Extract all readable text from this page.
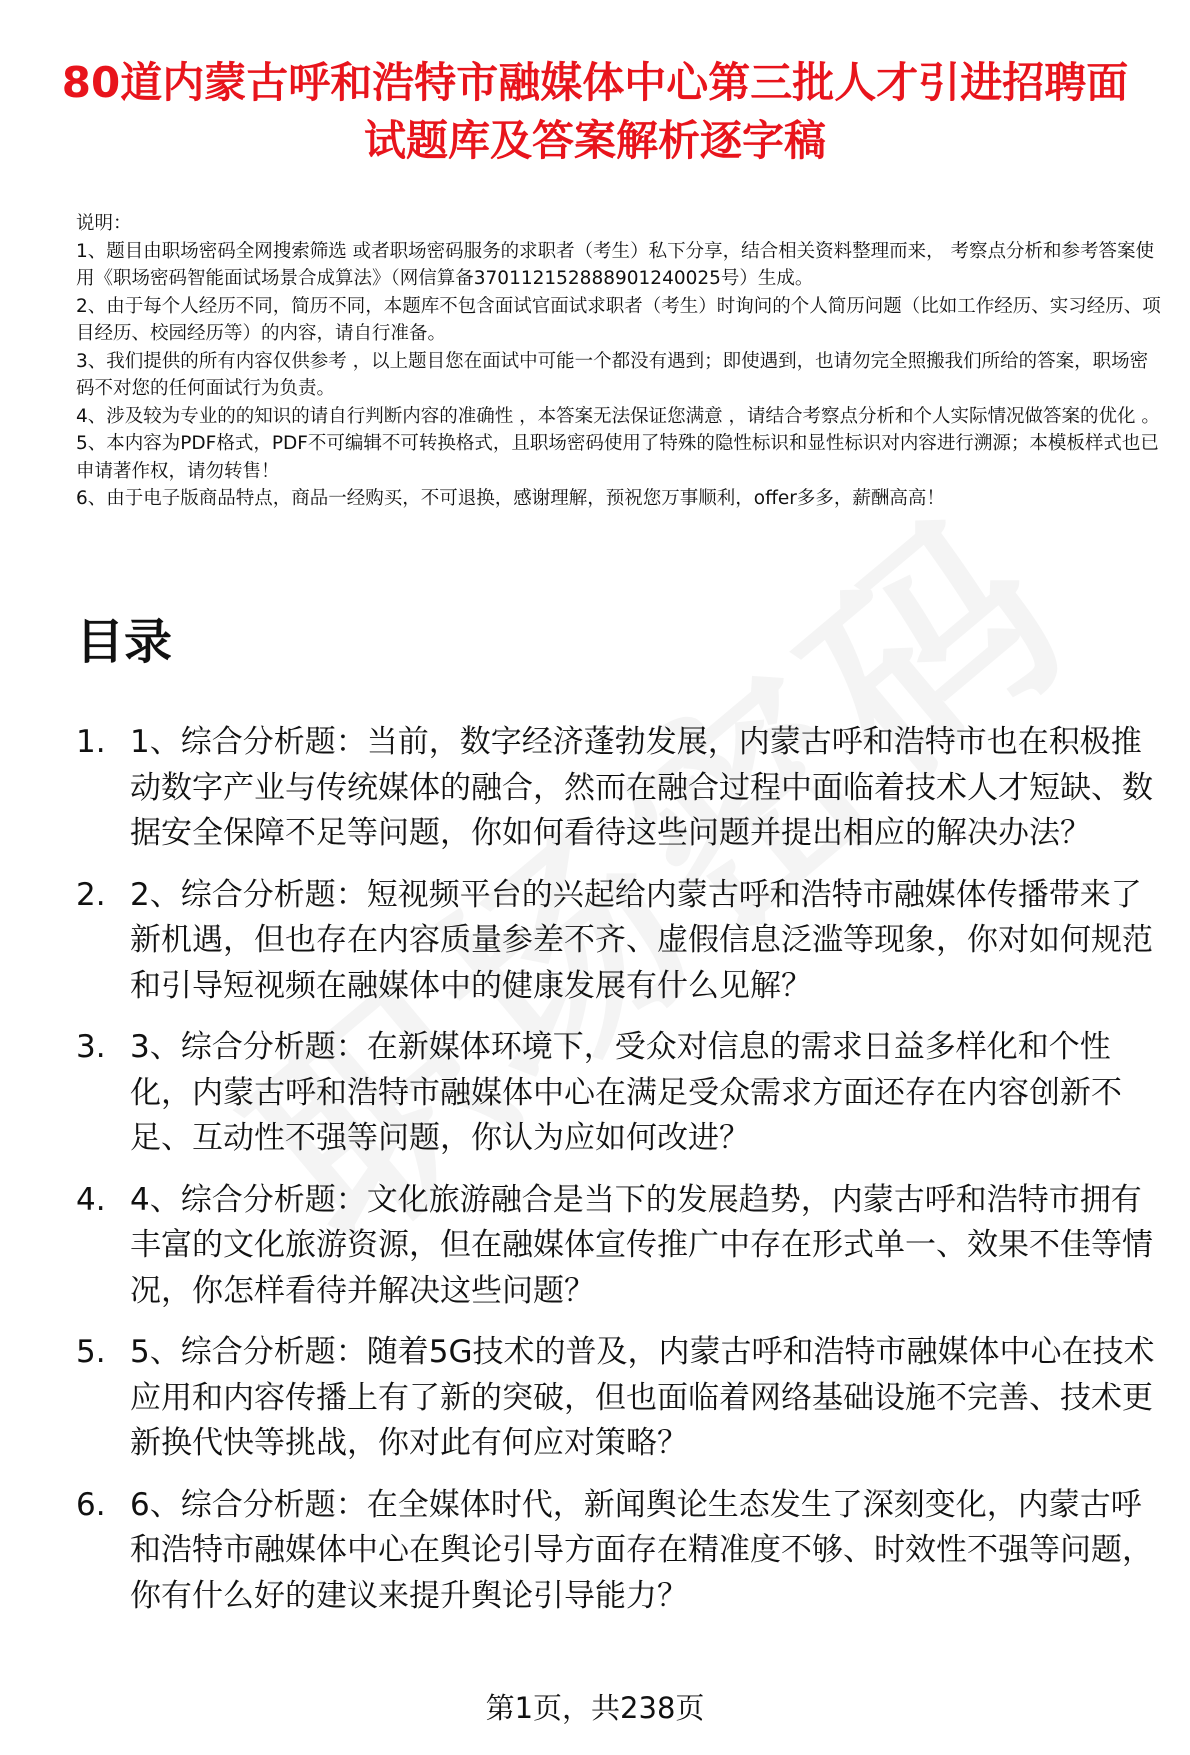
80道内蒙古呼和浩特市融媒体中心第三批人才引进招聘面试题库及答案解析逐字稿

说明：

1、题目由职场密码全网搜索筛选 或者职场密码服务的求职者（考生）私下分享，结合相关资料整理而来， 考察点分析和参考答案使用《职场密码智能面试场景合成算法》（网信算备370112152888901240025号）生成。

2、由于每个人经历不同，简历不同，本题库不包含面试官面试求职者（考生）时询问的个人简历问题（比如工作经历、实习经历、项目经历、校园经历等）的内容，请自行准备。

3、我们提供的所有内容仅供参考 ，以上题目您在面试中可能一个都没有遇到；即使遇到，也请勿完全照搬我们所给的答案，职场密码不对您的任何面试行为负责。

4、涉及较为专业的的知识的请自行判断内容的准确性 ，本答案无法保证您满意 ，请结合考察点分析和个人实际情况做答案的优化 。

5、本内容为PDF格式，PDF不可编辑不可转换格式，且职场密码使用了特殊的隐性标识和显性标识对内容进行溯源；本模板样式也已申请著作权，请勿转售！

6、由于电子版商品特点，商品一经购买，不可退换，感谢理解，预祝您万事顺利，offer多多，薪酬高高！

目录
1. 1、综合分析题：当前，数字经济蓬勃发展，内蒙古呼和浩特市也在积极推动数字产业与传统媒体的融合，然而在融合过程中面临着技术人才短缺、数据安全保障不足等问题，你如何看待这些问题并提出相应的解决办法？
2. 2、综合分析题：短视频平台的兴起给内蒙古呼和浩特市融媒体传播带来了新机遇，但也存在内容质量参差不齐、虚假信息泛滥等现象，你对如何规范和引导短视频在融媒体中的健康发展有什么见解？
3. 3、综合分析题：在新媒体环境下，受众对信息的需求日益多样化和个性化，内蒙古呼和浩特市融媒体中心在满足受众需求方面还存在内容创新不足、互动性不强等问题，你认为应如何改进？
4. 4、综合分析题：文化旅游融合是当下的发展趋势，内蒙古呼和浩特市拥有丰富的文化旅游资源，但在融媒体宣传推广中存在形式单一、效果不佳等情况，你怎样看待并解决这些问题？
5. 5、综合分析题：随着5G技术的普及，内蒙古呼和浩特市融媒体中心在技术应用和内容传播上有了新的突破，但也面临着网络基础设施不完善、技术更新换代快等挑战，你对此有何应对策略？
6. 6、综合分析题：在全媒体时代，新闻舆论生态发生了深刻变化，内蒙古呼和浩特市融媒体中心在舆论引导方面存在精准度不够、时效性不强等问题，你有什么好的建议来提升舆论引导能力？
第1页，共238页
